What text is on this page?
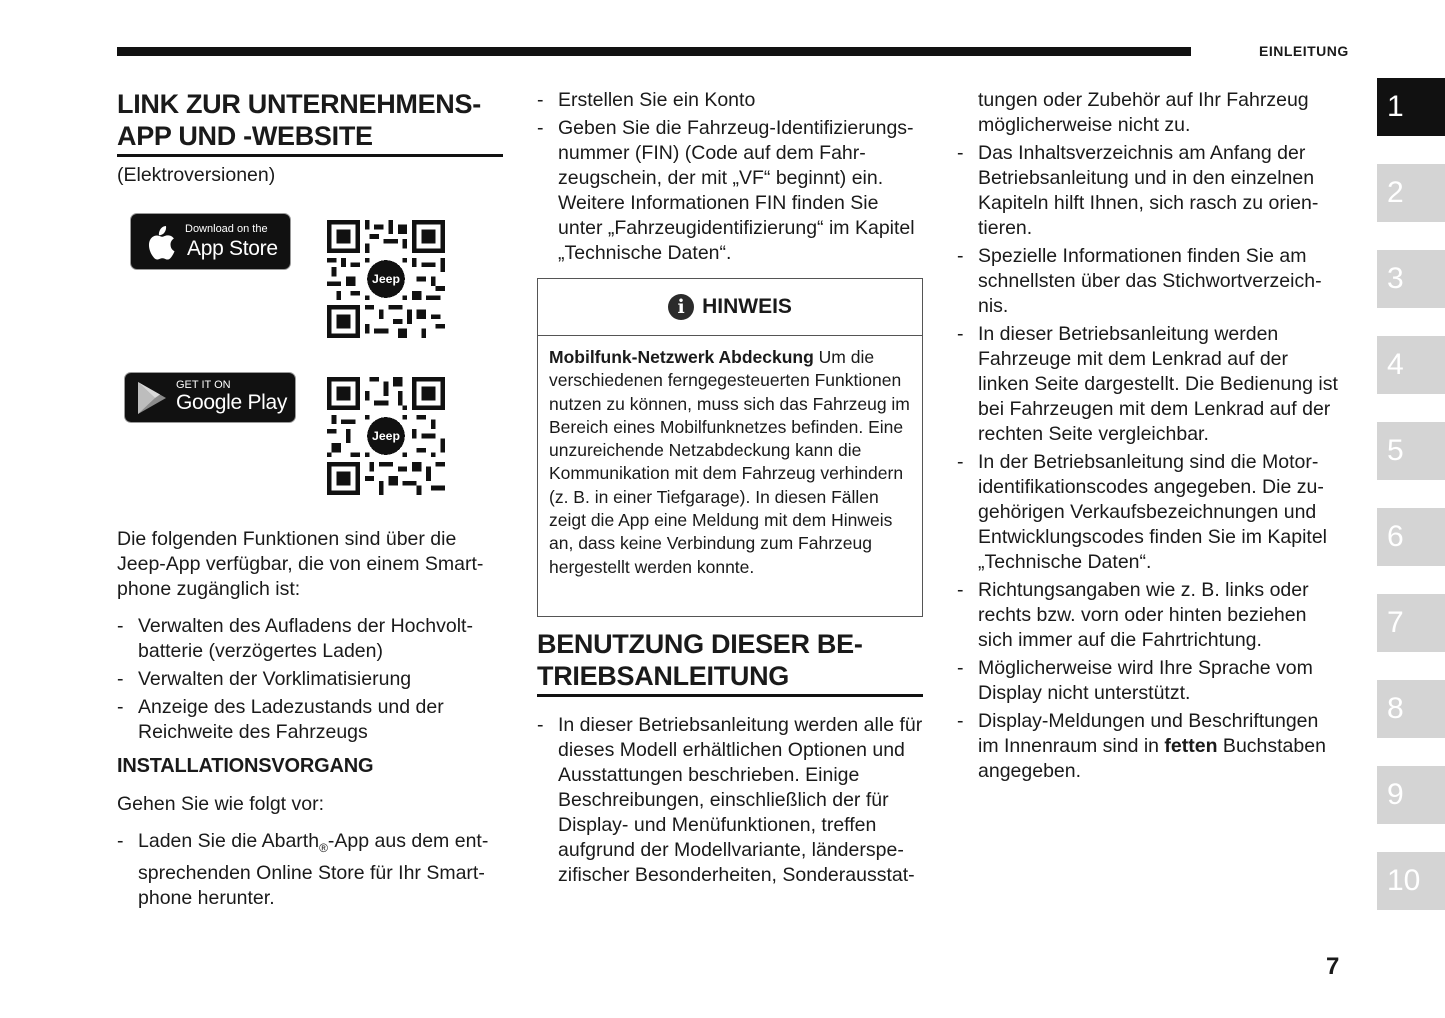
EINLEITUNG
1
2
3
4
5
6
7
8
9
10
LINK ZUR UNTERNEHMENS-
APP UND -WEBSITE

(Elektroversionen)

Download on the
App Store
Jeep
GET IT ON
Google Play
Jeep

Die folgenden Funktionen sind über die Jeep-App verfügbar, die von einem Smartphone zugänglich ist:

- Verwalten des Aufladens der Hochvoltbatterie (verzögertes Laden)
- Verwalten der Vorklimatisierung
- Anzeige des Ladezustands und der Reichweite des Fahrzeugs
INSTALLATIONSVORGANG

Gehen Sie wie folgt vor:

- Laden Sie die Abarth$_®$-App aus dem entsprechenden Online Store für Ihr Smartphone herunter.
- Erstellen Sie ein Konto
- Geben Sie die Fahrzeug-Identifizierungsnummer (FIN) (Code auf dem Fahrzeugschein, der mit „VF“ beginnt) ein. Weitere Informationen FIN finden Sie unter „Fahrzeugidentifizierung“ im Kapitel „Technische Daten“.
i HINWEIS
Mobilfunk-Netzwerk Abdeckung Um die verschiedenen ferngegesteuerten Funktionen nutzen zu können, muss sich das Fahrzeug im Bereich eines Mobilfunknetzes befinden. Eine unzureichende Netzabdeckung kann die Kommunikation mit dem Fahrzeug verhindern (z. B. in einer Tiefgarage). In diesen Fällen zeigt die App eine Meldung mit dem Hinweis an, dass keine Verbindung zum Fahrzeug hergestellt werden konnte.
BENUTZUNG DIESER BE-
TRIEBSANLEITUNG
- In dieser Betriebsanleitung werden alle für dieses Modell erhältlichen Optionen und Ausstattungen beschrieben. Einige Beschreibungen, einschließlich der für Display- und Menüfunktionen, treffen aufgrund der Modellvariante, länderspezifischer Besonderheiten, Sonderausstat-

tungen oder Zubehör auf Ihr Fahrzeug möglicherweise nicht zu.

- Das Inhaltsverzeichnis am Anfang der Betriebsanleitung und in den einzelnen Kapiteln hilft Ihnen, sich rasch zu orientieren.
- Spezielle Informationen finden Sie am schnellsten über das Stichwortverzeichnis.
- In dieser Betriebsanleitung werden Fahrzeuge mit dem Lenkrad auf der linken Seite dargestellt. Die Bedienung ist bei Fahrzeugen mit dem Lenkrad auf der rechten Seite vergleichbar.
- In der Betriebsanleitung sind die Motoridentifikationscodes angegeben. Die zugehörigen Verkaufsbezeichnungen und Entwicklungscodes finden Sie im Kapitel „Technische Daten“.
- Richtungsangaben wie z. B. links oder rechts bzw. vorn oder hinten beziehen sich immer auf die Fahrtrichtung.
- Möglicherweise wird Ihre Sprache vom Display nicht unterstützt.
- Display-Meldungen und Beschriftungen im Innenraum sind in fetten Buchstaben angegeben.
7
